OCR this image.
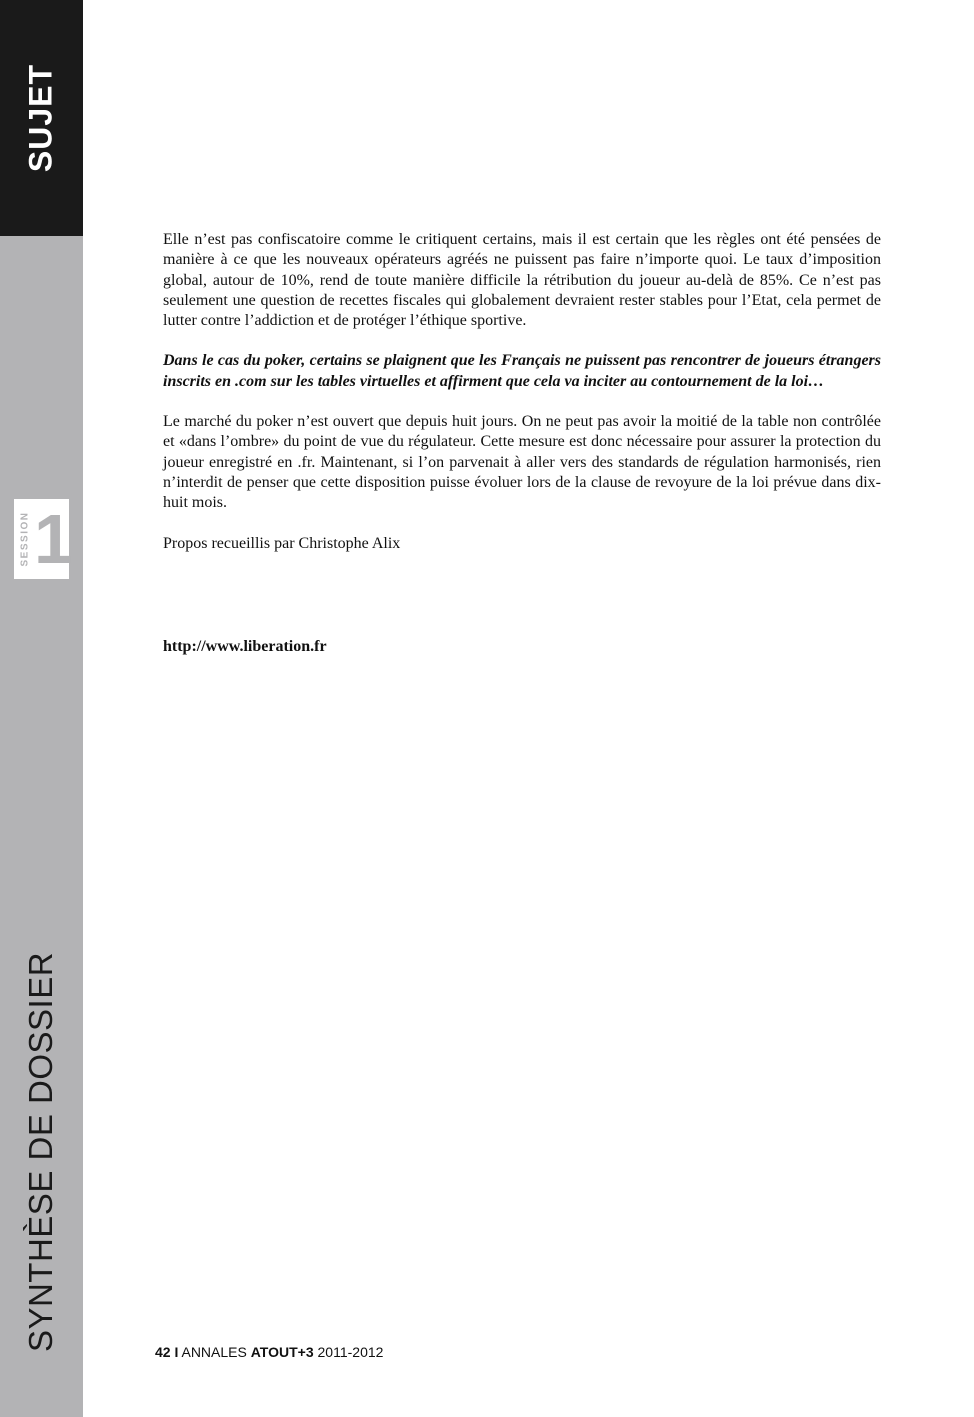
SUJET
SESSION 1
SYNTHÈSE DE DOSSIER

Elle n’est pas confiscatoire comme le critiquent certains, mais il est certain que les règles ont été pensées de manière à ce que les nouveaux opérateurs agréés ne puissent pas faire n’importe quoi. Le taux d’imposition global, autour de 10%, rend de toute manière difficile la rétribution du joueur au-delà de 85%. Ce n’est pas seulement une question de recettes fiscales qui globalement devraient rester stables pour l’Etat, cela permet de lutter contre l’addiction et de protéger l’éthique sportive.

Dans le cas du poker, certains se plaignent que les Français ne puissent pas rencontrer de joueurs étrangers inscrits en .com sur les tables virtuelles et affirment que cela va inciter au contournement de la loi…

Le marché du poker n’est ouvert que depuis huit jours. On ne peut pas avoir la moitié de la table non contrôlée et «dans l’ombre» du point de vue du régulateur. Cette mesure est donc nécessaire pour assurer la protection du joueur enregistré en .fr. Maintenant, si l’on parvenait à aller vers des standards de régulation harmonisés, rien n’interdit de penser que cette disposition puisse évoluer lors de la clause de revoyure de la loi prévue dans dix-huit mois.

Propos recueillis par Christophe Alix

http://www.liberation.fr
42 I ANNALES ATOUT+3 2011-2012
